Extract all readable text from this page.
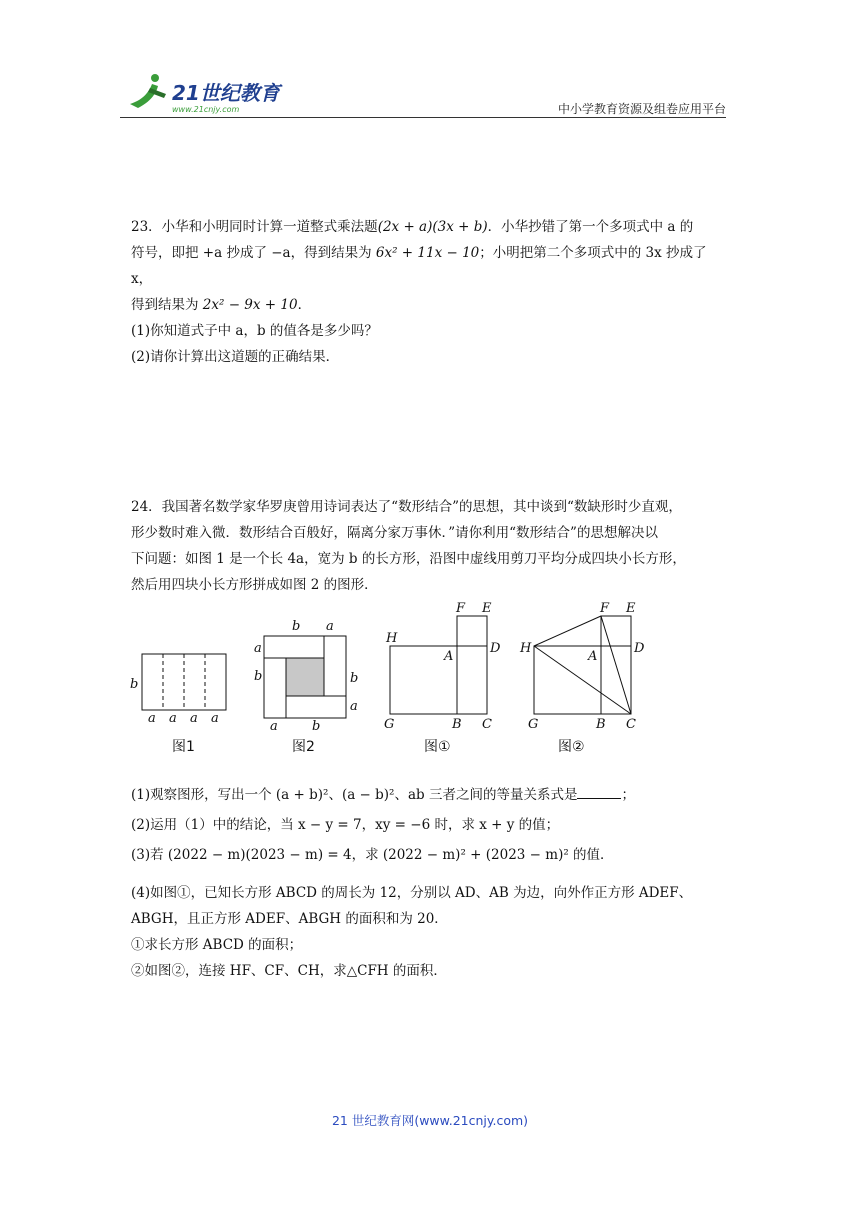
21世纪教育
www.21cnjy.com	中小学教育资源及组卷应用平台

23．小华和小明同时计算一道整式乘法题(2x + a)(3x + b)．小华抄错了第一个多项式中 a 的

符号，即把 +a 抄成了 −a，得到结果为 6x² + 11x − 10；小明把第二个多项式中的 3x 抄成了 x，

得到结果为 2x² − 9x + 10．

(1)你知道式子中 a，b 的值各是多少吗？

(2)请你计算出这道题的正确结果．

24．我国著名数学家华罗庚曾用诗词表达了“数形结合”的思想，其中谈到“数缺形时少直观，

形少数时难入微．数形结合百般好，隔离分家万事休．”请你利用“数形结合”的思想解决以

下问题：如图 1 是一个长 4a，宽为 b 的长方形，沿图中虚线用剪刀平均分成四块小长方形，

然后用四块小长方形拼成如图 2 的图形．

b
a a a a
b a
a
b	b
a
a	b
H
F E
A
D
G	B C
H
F E
A
D
G	B C
图1	图2	图①	图②

(1)观察图形，写出一个 (a + b)²、(a − b)²、ab 三者之间的等量关系式是	；

(2)运用（1）中的结论，当 x − y = 7，xy = −6 时，求 x + y 的值；

(3)若 (2022 − m)(2023 − m) = 4，求 (2022 − m)² + (2023 − m)² 的值．

(4)如图①，已知长方形 ABCD 的周长为 12，分别以 AD、AB 为边，向外作正方形 ADEF、

ABGH，且正方形 ADEF、ABGH 的面积和为 20．

①求长方形 ABCD 的面积；

②如图②，连接 HF、CF、CH，求△CFH 的面积．

21 世纪教育网(www.21cnjy.com)
